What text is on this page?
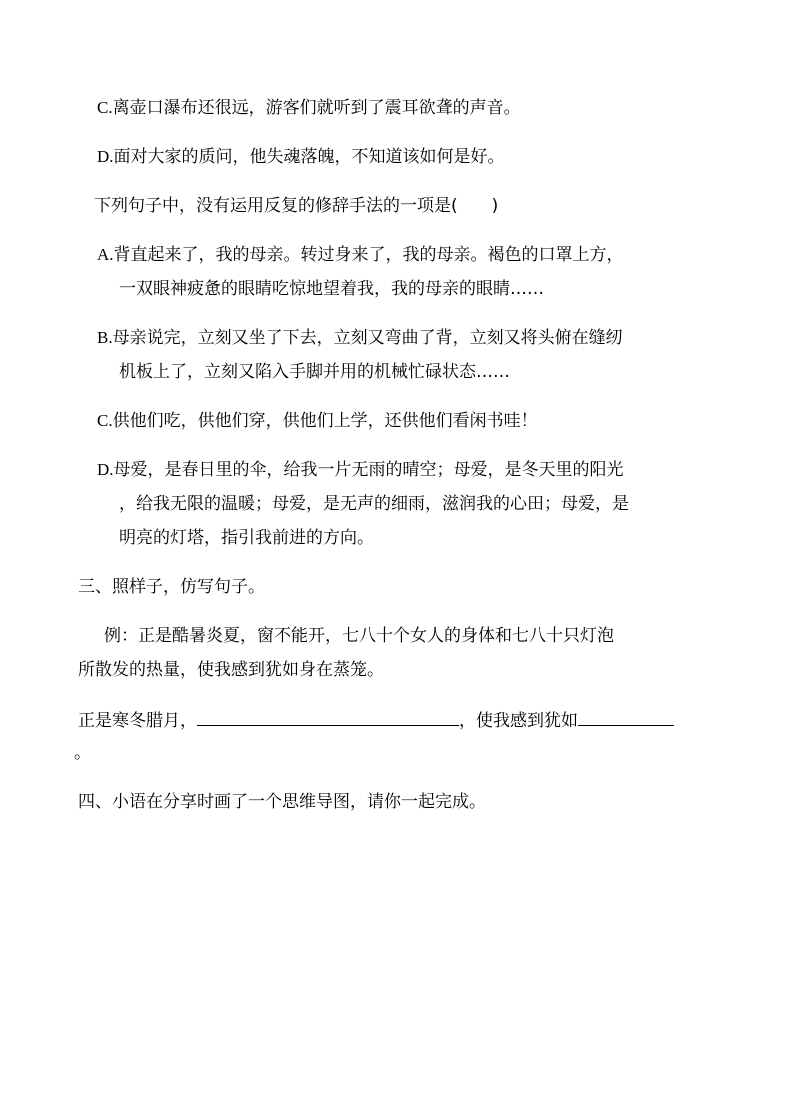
C.离壶口瀑布还很远，游客们就听到了震耳欲聋的声音。
D.面对大家的质问，他失魂落魄，不知道该如何是好。
下列句子中，没有运用反复的修辞手法的一项是(　　)
A.背直起来了，我的母亲。转过身来了，我的母亲。褐色的口罩上方，
一双眼神疲惫的眼睛吃惊地望着我，我的母亲的眼睛……
B.母亲说完，立刻又坐了下去，立刻又弯曲了背，立刻又将头俯在缝纫
机板上了，立刻又陷入手脚并用的机械忙碌状态……
C.供他们吃，供他们穿，供他们上学，还供他们看闲书哇！
D.母爱，是春日里的伞，给我一片无雨的晴空；母爱，是冬天里的阳光
，给我无限的温暖；母爱，是无声的细雨，滋润我的心田；母爱，是
明亮的灯塔，指引我前进的方向。
三、照样子，仿写句子。
例：正是酷暑炎夏，窗不能开，七八十个女人的身体和七八十只灯泡
所散发的热量，使我感到犹如身在蒸笼。
正是寒冬腊月，	，使我感到犹如
。
四、小语在分享时画了一个思维导图，请你一起完成。
